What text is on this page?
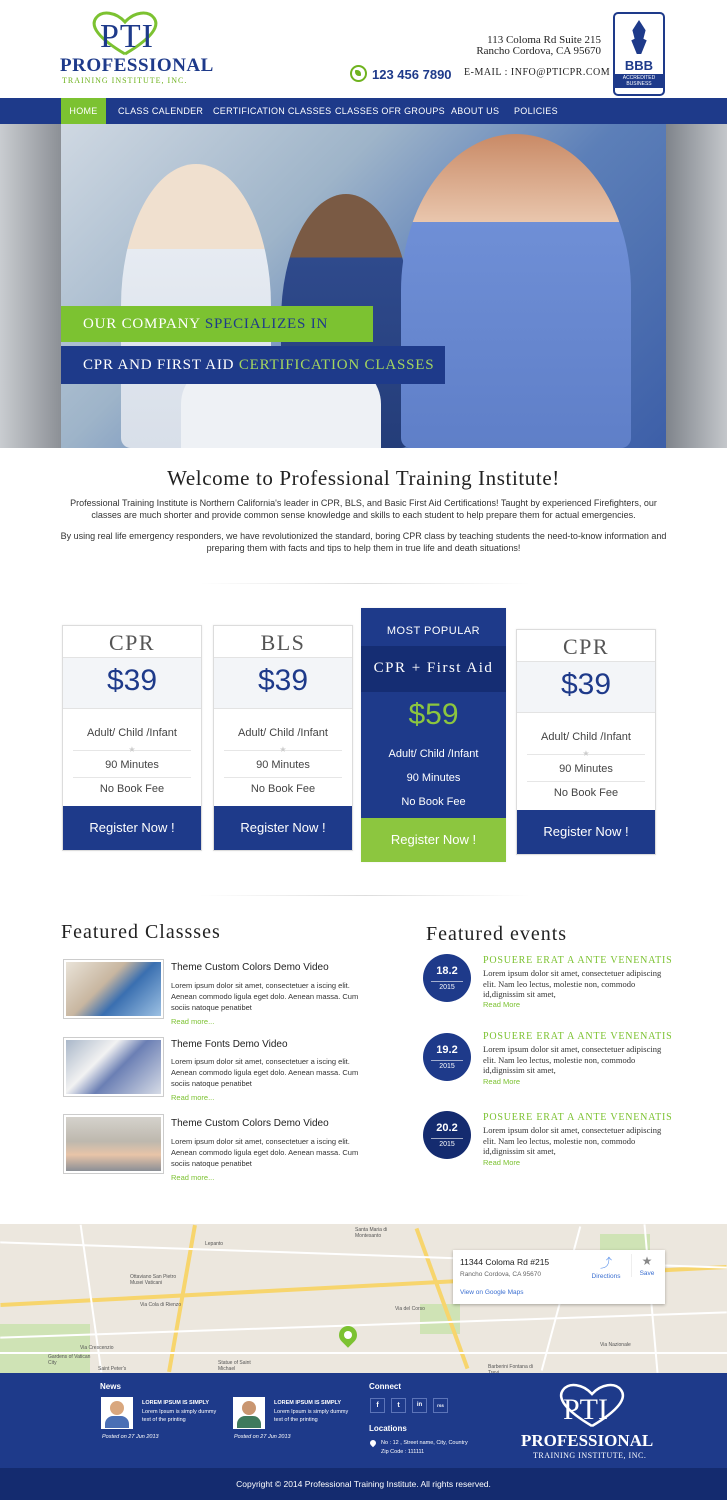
PTI
PROFESSIONAL
TRAINING INSTITUTE, INC.
113 Coloma Rd Suite 215
Rancho Cordova, CA 95670
123 456 7890 E-MAIL : INFO@PTICPR.COM	BBB
ACCREDITED BUSINESS
HOME	CLASS CALENDER CERTIFICATION CLASSES CLASSES OFR GROUPS ABOUT US POLICIES
OUR COMPANY SPECIALIZES IN
CPR AND FIRST AID CERTIFICATION CLASSES
Welcome to Professional Training Institute!
Professional Training Institute is Northern California's leader in CPR, BLS, and Basic First Aid Certifications! Taught by experienced Firefighters, our classes are much shorter and provide common sense knowledge and skills to each student to help prepare them for actual emergencies.
By using real life emergency responders, we have revolutionized the standard, boring CPR class by teaching students the need-to-know information and preparing them with facts and tips to help them in true life and death situations!
CPR
$39
Adult/ Child /Infant
★
90 Minutes
No Book Fee
Register Now !
BLS
$39
Adult/ Child /Infant
★
90 Minutes
No Book Fee
Register Now !
MOST POPULAR
CPR + First Aid
$59
Adult/ Child /Infant
90 Minutes
No Book Fee
Register Now !
CPR
$39
Adult/ Child /Infant
★
90 Minutes
No Book Fee
Register Now !
Featured Classses
Theme Custom Colors Demo Video
Lorem ipsum dolor sit amet, consectetuer a iscing elit. Aenean commodo ligula eget dolo. Aenean massa. Cum sociis natoque penatibet
Read more...
Theme Fonts Demo Video
Lorem ipsum dolor sit amet, consectetuer a iscing elit. Aenean commodo ligula eget dolo. Aenean massa. Cum sociis natoque penatibet
Read more...
Theme Custom Colors Demo Video
Lorem ipsum dolor sit amet, consectetuer a iscing elit. Aenean commodo ligula eget dolo. Aenean massa. Cum sociis natoque penatibet
Read more...
Featured events
18.2
2015
POSUERE ERAT A ANTE VENENATIS
Lorem ipsum dolor sit amet, consectetuer adipiscing elit. Nam leo lectus, molestie non, commodo id,dignissim sit amet,
Read More
19.2
2015
POSUERE ERAT A ANTE VENENATIS
Lorem ipsum dolor sit amet, consectetuer adipiscing elit. Nam leo lectus, molestie non, commodo id,dignissim sit amet,
Read More
20.2
2015
POSUERE ERAT A ANTE VENENATIS
Lorem ipsum dolor sit amet, consectetuer adipiscing elit. Nam leo lectus, molestie non, commodo id,dignissim sit amet,
Read More
Lepanto
Ottaviano San Pietro Musei Vaticani
Saint Peter's
Gardens of Vatican City	Statue of Saint Michael
Santa Maria di Montesanto
Barberini Fontana di Trevi
Via del Corso
Via Cola di Rienzo
Via Crescenzio	Via Nazionale
11344 Coloma Rd #215
Rancho Cordova, CA 95670
View on Google Maps
⤴
Directions
★
Save
News
LOREM IPSUM IS SIMPLY
Lorem Ipsum is simply dummy text of the printing
Posted on 27 Jun 2013
LOREM IPSUM IS SIMPLY
Lorem Ipsum is simply dummy text of the printing
Posted on 27 Jun 2013
Connect
f	t	in	rss
Locations
No : 12 , Street name, City, Country
Zip Code : 111111
PTI
PROFESSIONAL
TRAINING INSTITUTE, INC.
Copyright © 2014 Professional Training Institute. All rights reserved.
